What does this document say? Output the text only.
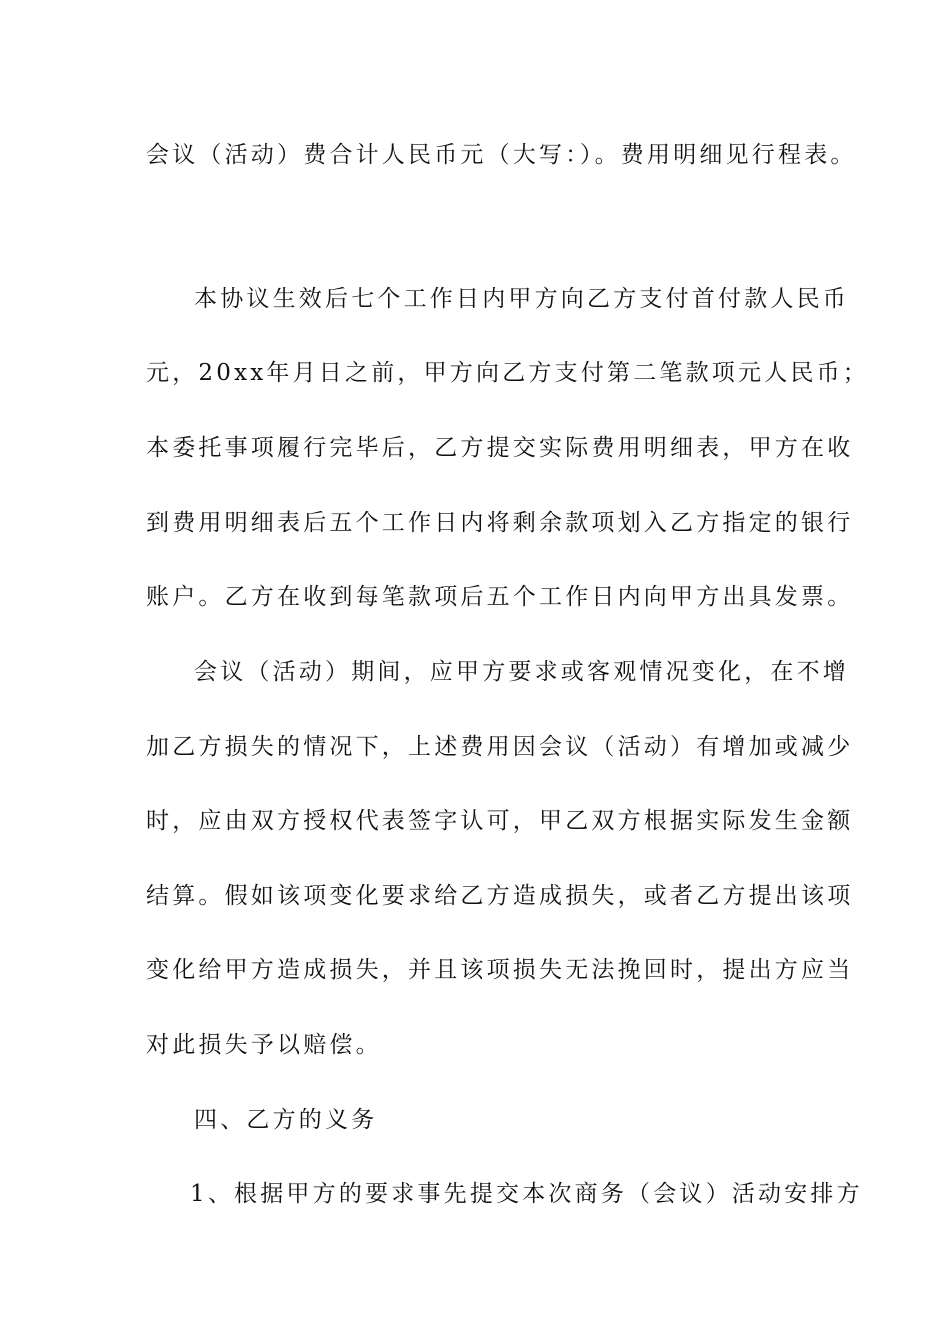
会议（活动）费合计人民币元（大写：）。费用明细见行程表。

本协议生效后七个工作日内甲方向乙方支付首付款人民币

元，20xx年月日之前，甲方向乙方支付第二笔款项元人民币；

本委托事项履行完毕后，乙方提交实际费用明细表，甲方在收

到费用明细表后五个工作日内将剩余款项划入乙方指定的银行

账户。乙方在收到每笔款项后五个工作日内向甲方出具发票。

会议（活动）期间，应甲方要求或客观情况变化，在不增

加乙方损失的情况下，上述费用因会议（活动）有增加或减少

时，应由双方授权代表签字认可，甲乙双方根据实际发生金额

结算。假如该项变化要求给乙方造成损失，或者乙方提出该项

变化给甲方造成损失，并且该项损失无法挽回时，提出方应当

对此损失予以赔偿。

四、乙方的义务

1、根据甲方的要求事先提交本次商务（会议）活动安排方
